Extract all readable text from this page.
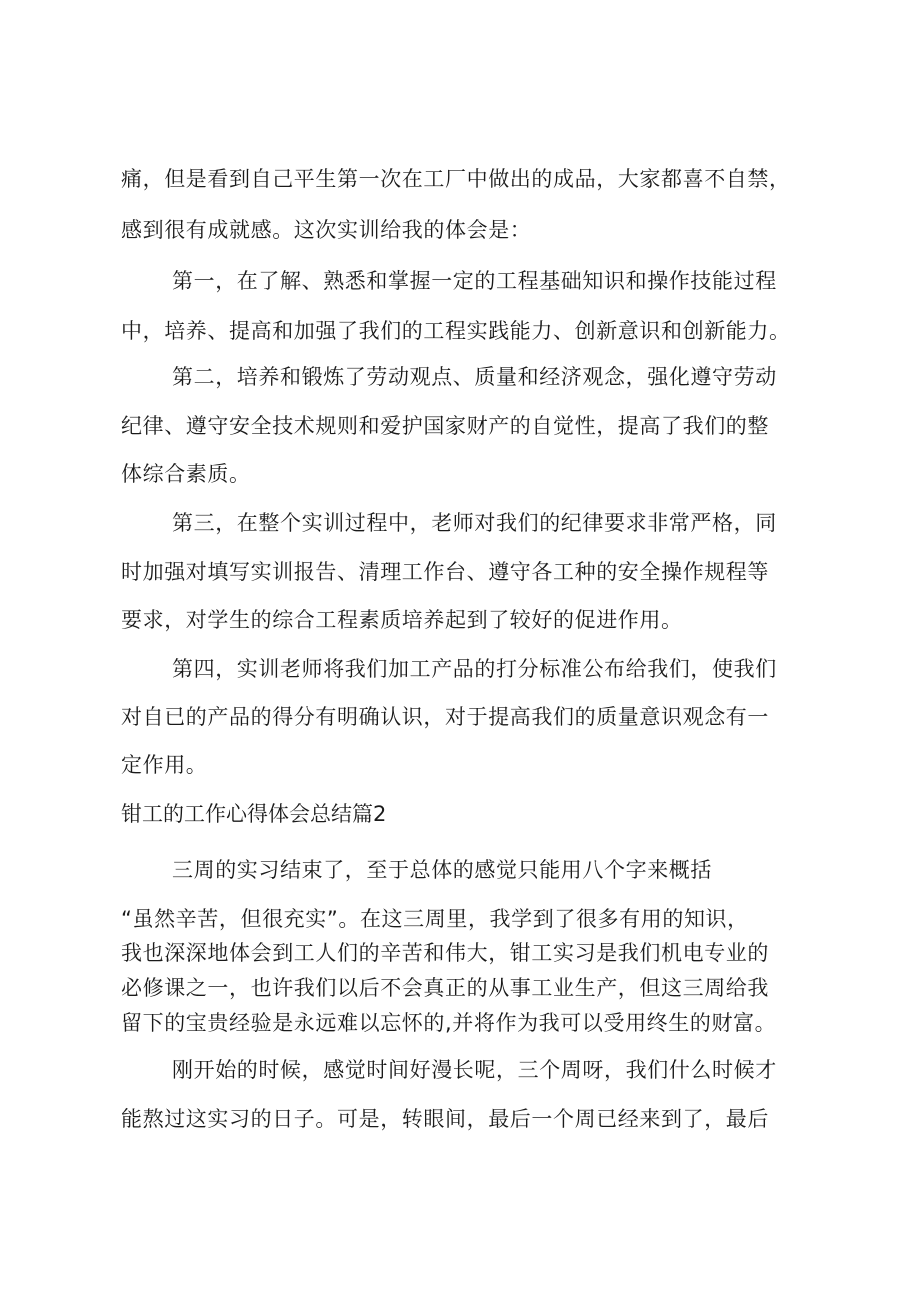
痛，但是看到自己平生第一次在工厂中做出的成品，大家都喜不自禁，
感到很有成就感。这次实训给我的体会是：
第一，在了解、熟悉和掌握一定的工程基础知识和操作技能过程
中，培养、提高和加强了我们的工程实践能力、创新意识和创新能力。
第二，培养和锻炼了劳动观点、质量和经济观念，强化遵守劳动
纪律、遵守安全技术规则和爱护国家财产的自觉性，提高了我们的整
体综合素质。
第三，在整个实训过程中，老师对我们的纪律要求非常严格，同
时加强对填写实训报告、清理工作台、遵守各工种的安全操作规程等
要求，对学生的综合工程素质培养起到了较好的促进作用。
第四，实训老师将我们加工产品的打分标准公布给我们，使我们
对自已的产品的得分有明确认识，对于提高我们的质量意识观念有一
定作用。
钳工的工作心得体会总结篇2
三周的实习结束了，至于总体的感觉只能用八个字来概括
“虽然辛苦，但很充实”。在这三周里，我学到了很多有用的知识，
我也深深地体会到工人们的辛苦和伟大，钳工实习是我们机电专业的
必修课之一，也许我们以后不会真正的从事工业生产，但这三周给我
留下的宝贵经验是永远难以忘怀的,并将作为我可以受用终生的财富。
刚开始的时候，感觉时间好漫长呢，三个周呀，我们什么时候才
能熬过这实习的日子。可是，转眼间，最后一个周已经来到了，最后
